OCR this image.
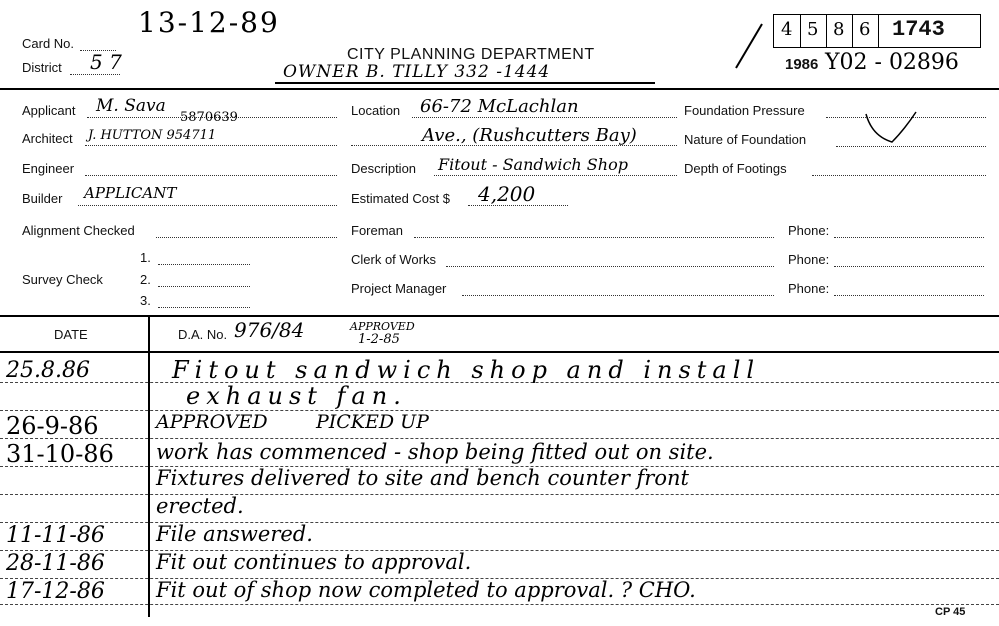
13-12-89
Card No.
District 5 7	CITY PLANNING DEPARTMENT
OWNER B. TILLY 332 -1444
4 5 8 6 1743
1986 Y02 - 02896
Applicant M. Sava
5870639
Architect J. HUTTON 954711
Engineer
Builder APPLICANT
Alignment Checked
Survey Check
1.
2.
3.
Location 66-72 McLachlan
Ave., (Rushcutters Bay)
Description Fitout - Sandwich Shop
Estimated Cost $ 4,200
Foreman	Phone:
Clerk of Works	Phone:
Project Manager	Phone:
Foundation Pressure
Nature of Foundation
Depth of Footings
DATE	D.A. No. 976/84	APPROVED
1-2-85
25.8.86	Fitout sandwich shop and install
exhaust fan.
26-9-86	APPROVED        PICKED UP
31-10-86 work has commenced - shop being fitted out on site.
Fixtures delivered to site and bench counter front
erected.
11-11-86 File answered.
28-11-86 Fit out continues to approval.
17-12-86 Fit out of shop now completed to approval. ? CHO.
CP 45
